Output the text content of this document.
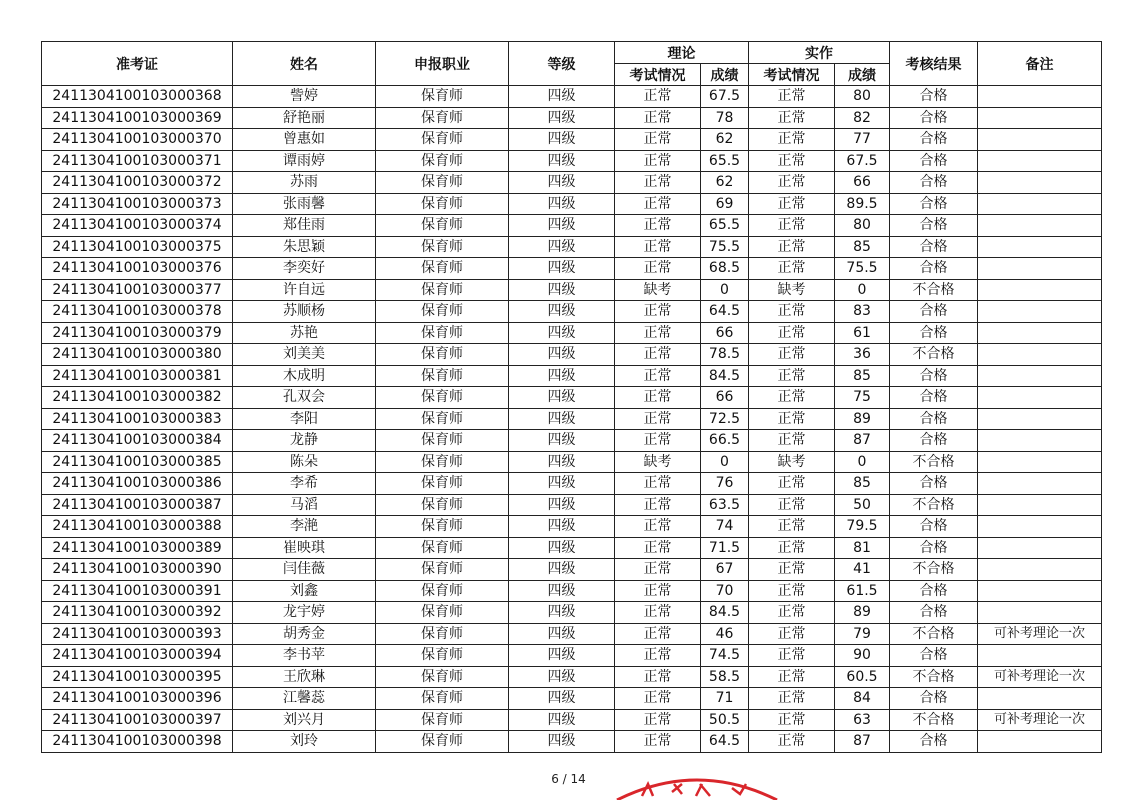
准考证	姓名	申报职业	等级	理论		实作		考核结果	备注
				考试情况	成绩	考试情况	成绩		
2411304100103000368	訾婷	保育师	四级	正常	67.5	正常	80	合格	
2411304100103000369	舒艳丽	保育师	四级	正常	78	正常	82	合格	
2411304100103000370	曾惠如	保育师	四级	正常	62	正常	77	合格	
2411304100103000371	谭雨婷	保育师	四级	正常	65.5	正常	67.5	合格	
2411304100103000372	苏雨	保育师	四级	正常	62	正常	66	合格	
2411304100103000373	张雨馨	保育师	四级	正常	69	正常	89.5	合格	
2411304100103000374	郑佳雨	保育师	四级	正常	65.5	正常	80	合格	
2411304100103000375	朱思颖	保育师	四级	正常	75.5	正常	85	合格	
2411304100103000376	李奕好	保育师	四级	正常	68.5	正常	75.5	合格	
2411304100103000377	许自远	保育师	四级	缺考	0	缺考	0	不合格	
2411304100103000378	苏顺杨	保育师	四级	正常	64.5	正常	83	合格	
2411304100103000379	苏艳	保育师	四级	正常	66	正常	61	合格	
2411304100103000380	刘美美	保育师	四级	正常	78.5	正常	36	不合格	
2411304100103000381	木成明	保育师	四级	正常	84.5	正常	85	合格	
2411304100103000382	孔双会	保育师	四级	正常	66	正常	75	合格	
2411304100103000383	李阳	保育师	四级	正常	72.5	正常	89	合格	
2411304100103000384	龙静	保育师	四级	正常	66.5	正常	87	合格	
2411304100103000385	陈朵	保育师	四级	缺考	0	缺考	0	不合格	
2411304100103000386	李希	保育师	四级	正常	76	正常	85	合格	
2411304100103000387	马滔	保育师	四级	正常	63.5	正常	50	不合格	
2411304100103000388	李滟	保育师	四级	正常	74	正常	79.5	合格	
2411304100103000389	崔映琪	保育师	四级	正常	71.5	正常	81	合格	
2411304100103000390	闫佳薇	保育师	四级	正常	67	正常	41	不合格	
2411304100103000391	刘鑫	保育师	四级	正常	70	正常	61.5	合格	
2411304100103000392	龙宇婷	保育师	四级	正常	84.5	正常	89	合格	
2411304100103000393	胡秀金	保育师	四级	正常	46	正常	79	不合格	可补考理论一次
2411304100103000394	李书苹	保育师	四级	正常	74.5	正常	90	合格	
2411304100103000395	王欣琳	保育师	四级	正常	58.5	正常	60.5	不合格	可补考理论一次
2411304100103000396	江馨蕊	保育师	四级	正常	71	正常	84	合格	
2411304100103000397	刘兴月	保育师	四级	正常	50.5	正常	63	不合格	可补考理论一次
2411304100103000398	刘玲	保育师	四级	正常	64.5	正常	87	合格	
6 / 14
